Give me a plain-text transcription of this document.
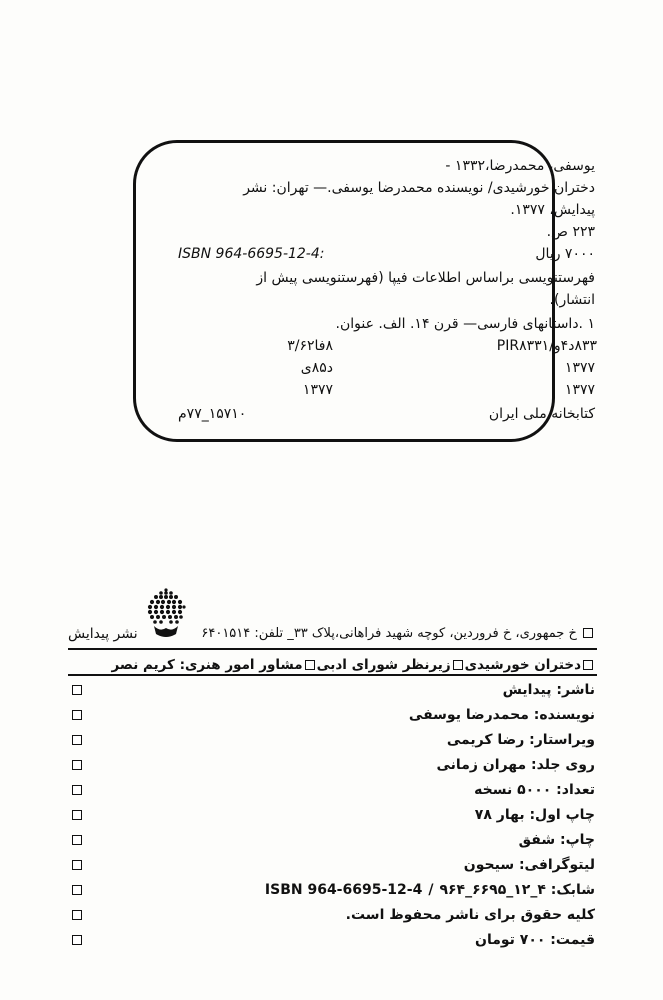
یوسفی، محمدرضا،۱۳۳۲ -
دختران خورشیدی/ نویسنده محمدرضا یوسفی.— تهران: نشر
پیدایش، ۱۳۷۷.
۲۲۳ ص.
۷۰۰۰ ریال
ISBN 964-6695-12-4:
فهرستنویسی براساس اطلاعات فیپا (فهرستنویسی پیش از
انتشار).
۱ .داستانهای فارسی— قرن ۱۴. الف. عنوان.
۸۳۳د۴و/PIR۸۳۳۱
۸فا۳/۶۲
۱۳۷۷
د۸۵ی
۱۳۷۷
۱۳۷۷
کتابخانه ملی ایران
۱۵۷۱۰_۷۷م
نشر پیدایش	خ جمهوری، خ فروردین، کوچه شهید فراهانی،پلاک ۳۳_ تلفن: ۶۴۰۱۵۱۴
دختران خورشیدیزیرنظر شورای ادبیمشاور امور هنری: کریم نصر
ناشر: پیدایش
نویسنده: محمدرضا یوسفی
ویراستار: رضا کریمی
روی جلد: مهران زمانی
تعداد: ۵۰۰۰ نسخه
چاپ اول: بهار ۷۸
چاپ: شفق
لیتوگرافی: سیحون
شابک: ۴_۱۲_۶۶۹۵_۹۶۴
/
ISBN 964-6695-12-4
کلیه حقوق برای ناشر محفوظ است.
قیمت: ۷۰۰ تومان
